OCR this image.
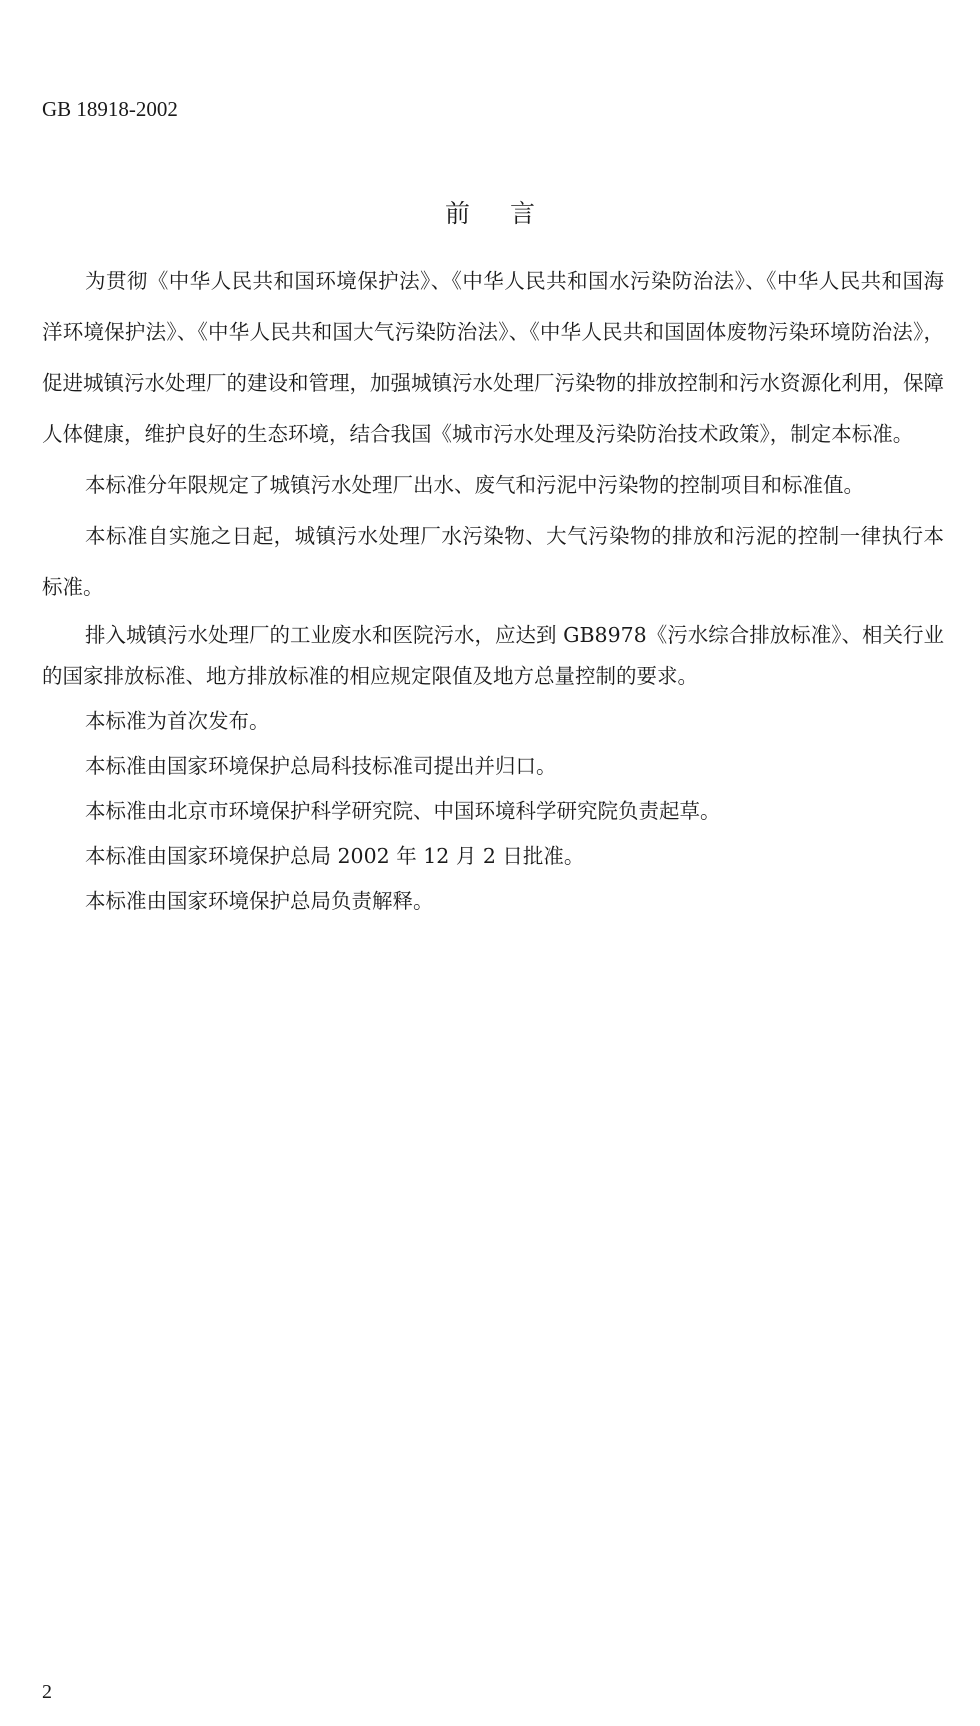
GB 18918-2002

前言

为贯彻《中华人民共和国环境保护法》、《中华人民共和国水污染防治法》、《中华人民共和国海洋环境保护法》、《中华人民共和国大气污染防治法》、《中华人民共和国固体废物污染环境防治法》，促进城镇污水处理厂的建设和管理，加强城镇污水处理厂污染物的排放控制和污水资源化利用，保障人体健康，维护良好的生态环境，结合我国《城市污水处理及污染防治技术政策》，制定本标准。

本标准分年限规定了城镇污水处理厂出水、废气和污泥中污染物的控制项目和标准值。

本标准自实施之日起，城镇污水处理厂水污染物、大气污染物的排放和污泥的控制一律执行本标准。

排入城镇污水处理厂的工业废水和医院污水，应达到 GB8978《污水综合排放标准》、相关行业的国家排放标准、地方排放标准的相应规定限值及地方总量控制的要求。

本标准为首次发布。

本标准由国家环境保护总局科技标准司提出并归口。

本标准由北京市环境保护科学研究院、中国环境科学研究院负责起草。

本标准由国家环境保护总局 2002 年 12 月 2 日批准。

本标准由国家环境保护总局负责解释。

2
